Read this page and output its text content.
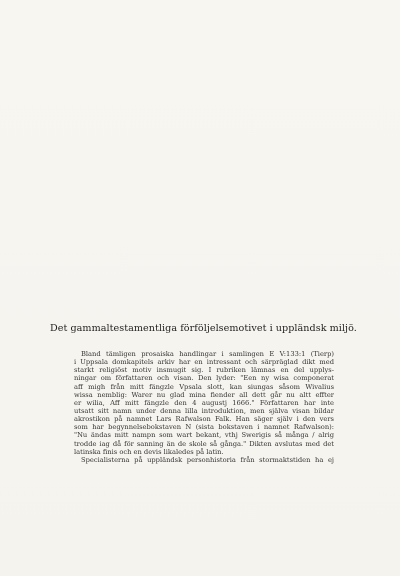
Det gammaltestamentliga förföljelsemotivet i uppländsk miljö.
Bland tämligen prosaiska handlingar i samlingen E V:133:1 (Tierp)
i Uppsala domkapitels arkiv har en intressant och särpräglad dikt med
starkt religiöst motiv insmugit sig. I rubriken lämnas en del upplys-
ningar om författaren och visan. Den lyder: "Een ny wisa componerat
aff migh från mitt fängzle Vpsala slott, kan siungas såsom Wivalius
wissa nemblig: Warer nu glad mina fiender all dett går nu altt effter
er wilia, Aff mitt fängzle den 4 augustj 1666." Författaren har inte
utsatt sitt namn under denna lilla introduktion, men själva visan bildar
akrostikon på namnet Lars Rafwalson Falk. Han säger själv i den vers
som har begynnelsebokstaven N (sista bokstaven i namnet Rafwalson):
"Nu ändas mitt nampn som wart bekant, vthj Swerigis så många / alrig
trodde iag då för sanning än de skole så gånga." Dikten avslutas med det
latinska finis och en devis likaledes på latin.
Specialisterna på uppländsk personhistoria från stormaktstiden ha ej
